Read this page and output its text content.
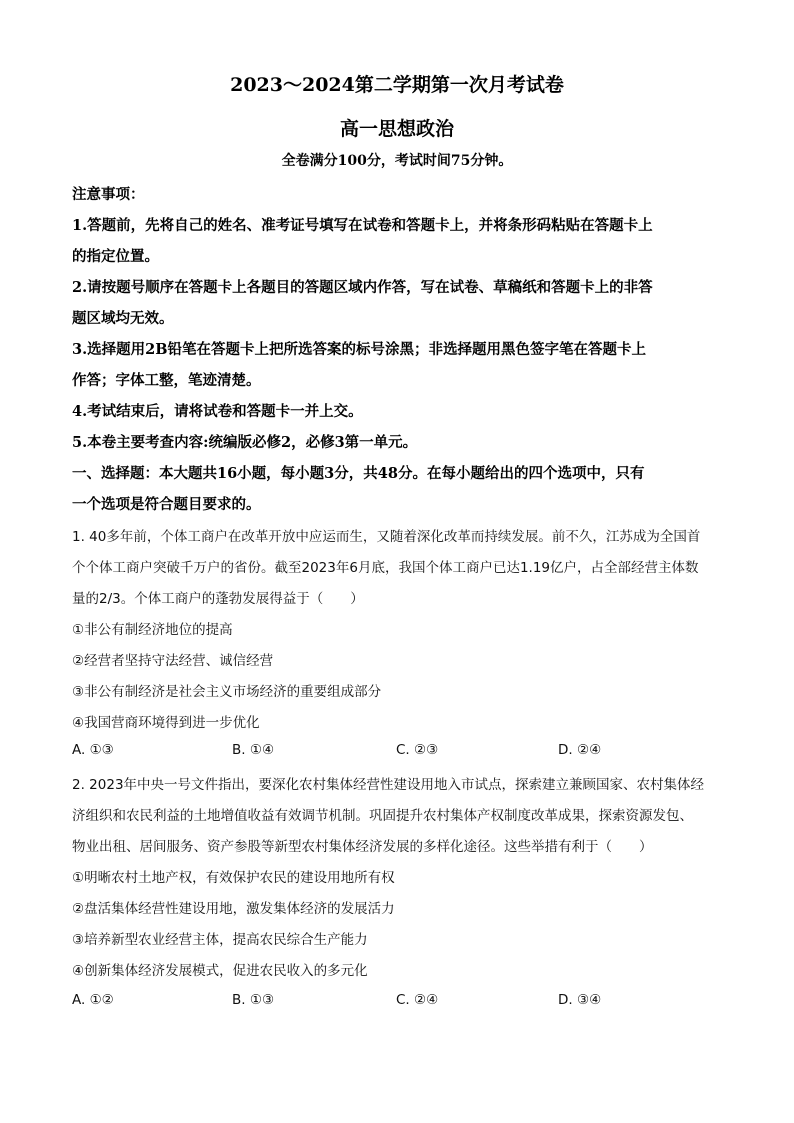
2023～2024第二学期第一次月考试卷
高一思想政治
全卷满分100分，考试时间75分钟。
注意事项：
1.答题前，先将自己的姓名、准考证号填写在试卷和答题卡上，并将条形码粘贴在答题卡上
的指定位置。
2.请按题号顺序在答题卡上各题目的答题区域内作答，写在试卷、草稿纸和答题卡上的非答
题区域均无效。
3.选择题用2B铅笔在答题卡上把所选答案的标号涂黑；非选择题用黑色签字笔在答题卡上
作答；字体工整，笔迹清楚。
4.考试结束后，请将试卷和答题卡一并上交。
5.本卷主要考查内容:统编版必修2，必修3第一单元。
一、选择题：本大题共16小题，每小题3分，共48分。在每小题给出的四个选项中，只有
一个选项是符合题目要求的。
1. 40多年前，个体工商户在改革开放中应运而生，又随着深化改革而持续发展。前不久，江苏成为全国首
个个体工商户突破千万户的省份。截至2023年6月底，我国个体工商户已达1.19亿户，占全部经营主体数
量的2/3。个体工商户的蓬勃发展得益于（　　）
①非公有制经济地位的提高
②经营者坚持守法经营、诚信经营
③非公有制经济是社会主义市场经济的重要组成部分
④我国营商环境得到进一步优化
A. ①③	B. ①④	C. ②③	D. ②④
2. 2023年中央一号文件指出，要深化农村集体经营性建设用地入市试点，探索建立兼顾国家、农村集体经
济组织和农民利益的土地增值收益有效调节机制。巩固提升农村集体产权制度改革成果，探索资源发包、
物业出租、居间服务、资产参股等新型农村集体经济发展的多样化途径。这些举措有利于（　　）
①明晰农村土地产权，有效保护农民的建设用地所有权
②盘活集体经营性建设用地，激发集体经济的发展活力
③培养新型农业经营主体，提高农民综合生产能力
④创新集体经济发展模式，促进农民收入的多元化
A. ①②	B. ①③	C. ②④	D. ③④
